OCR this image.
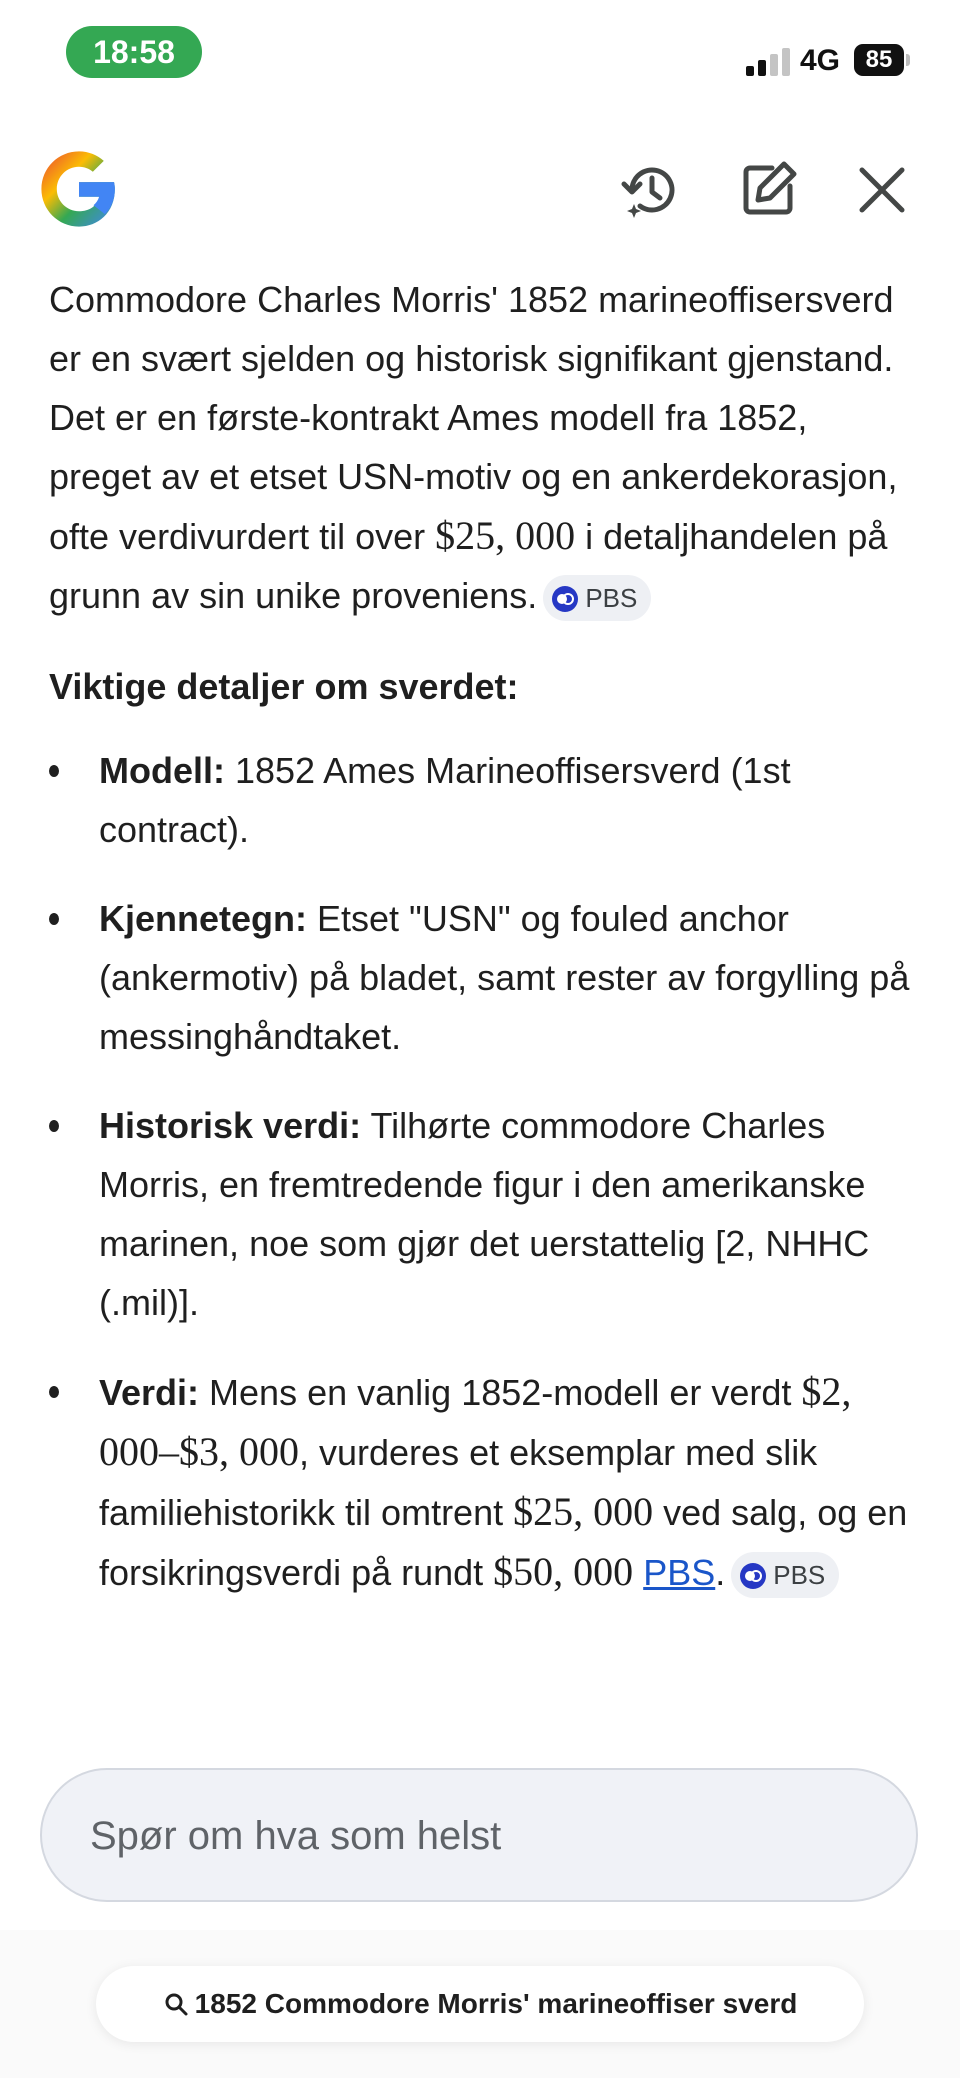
18:58	4G	85

Commodore Charles Morris' 1852 marineoffisersverd er en svært sjelden og historisk signifikant gjenstand. Det er en første-kontrakt Ames modell fra 1852, preget av et etset USN-motiv og en ankerdekorasjon, ofte verdivurdert til over $25, 000 i detaljhandelen på grunn av sin unike proveniens. PBS

Viktige detaljer om sverdet:
Modell: 1852 Ames Marineoffisersverd (1st contract).
Kjennetegn: Etset "USN" og fouled anchor (ankermotiv) på bladet, samt rester av forgylling på messinghåndtaket.
Historisk verdi: Tilhørte commodore Charles Morris, en fremtredende figur i den amerikanske marinen, noe som gjør det uerstattelig [2, NHHC (.mil)].
Verdi: Mens en vanlig 1852-modell er verdt $2, 000–$3, 000, vurderes et eksemplar med slik familiehistorikk til omtrent $25, 000 ved salg, og en forsikringsverdi på rundt $50, 000 PBS. PBS
Spør om hva som helst
1852 Commodore Morris' marineoffiser sverd
